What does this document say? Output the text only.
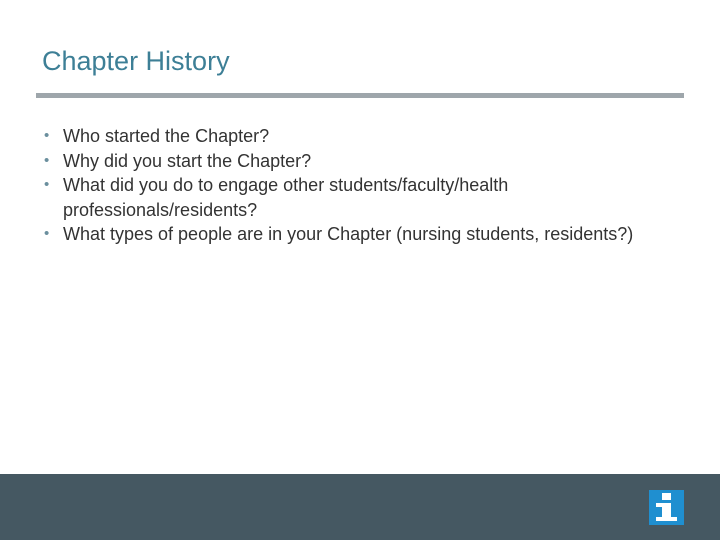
Chapter History
• Who started the Chapter?
• Why did you start the Chapter?
• What did you do to engage other students/faculty/health professionals/residents?
• What types of people are in your Chapter (nursing students, residents?)
